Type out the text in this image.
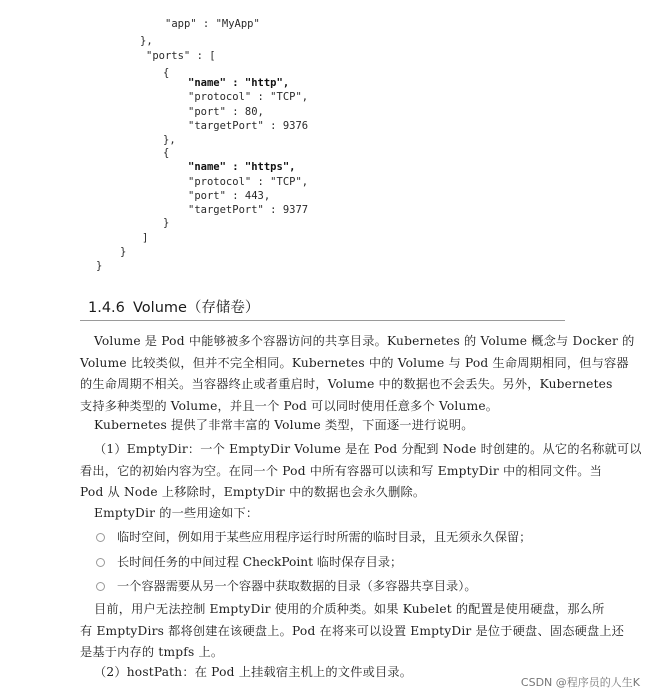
"app" : "MyApp"
},
"ports" : [
{
"name" : "http",
"protocol" : "TCP",
"port" : 80,
"targetPort" : 9376
},
{
"name" : "https",
"protocol" : "TCP",
"port" : 443,
"targetPort" : 9377
}
]
}
}
1.4.6 Volume（存储卷）
Volume 是 Pod 中能够被多个容器访问的共享目录。Kubernetes 的 Volume 概念与 Docker 的
Volume 比较类似，但并不完全相同。Kubernetes 中的 Volume 与 Pod 生命周期相同，但与容器
的生命周期不相关。当容器终止或者重启时，Volume 中的数据也不会丢失。另外，Kubernetes
支持多种类型的 Volume，并且一个 Pod 可以同时使用任意多个 Volume。
Kubernetes 提供了非常丰富的 Volume 类型，下面逐一进行说明。
（1）EmptyDir：一个 EmptyDir Volume 是在 Pod 分配到 Node 时创建的。从它的名称就可以
看出，它的初始内容为空。在同一个 Pod 中所有容器可以读和写 EmptyDir 中的相同文件。当
Pod 从 Node 上移除时，EmptyDir 中的数据也会永久删除。
EmptyDir 的一些用途如下：
临时空间，例如用于某些应用程序运行时所需的临时目录，且无须永久保留；
长时间任务的中间过程 CheckPoint 临时保存目录；
一个容器需要从另一个容器中获取数据的目录（多容器共享目录）。
目前，用户无法控制 EmptyDir 使用的介质种类。如果 Kubelet 的配置是使用硬盘，那么所
有 EmptyDirs 都将创建在该硬盘上。Pod 在将来可以设置 EmptyDir 是位于硬盘、固态硬盘上还
是基于内存的 tmpfs 上。
（2）hostPath：在 Pod 上挂载宿主机上的文件或目录。
CSDN @程序员的人生K
